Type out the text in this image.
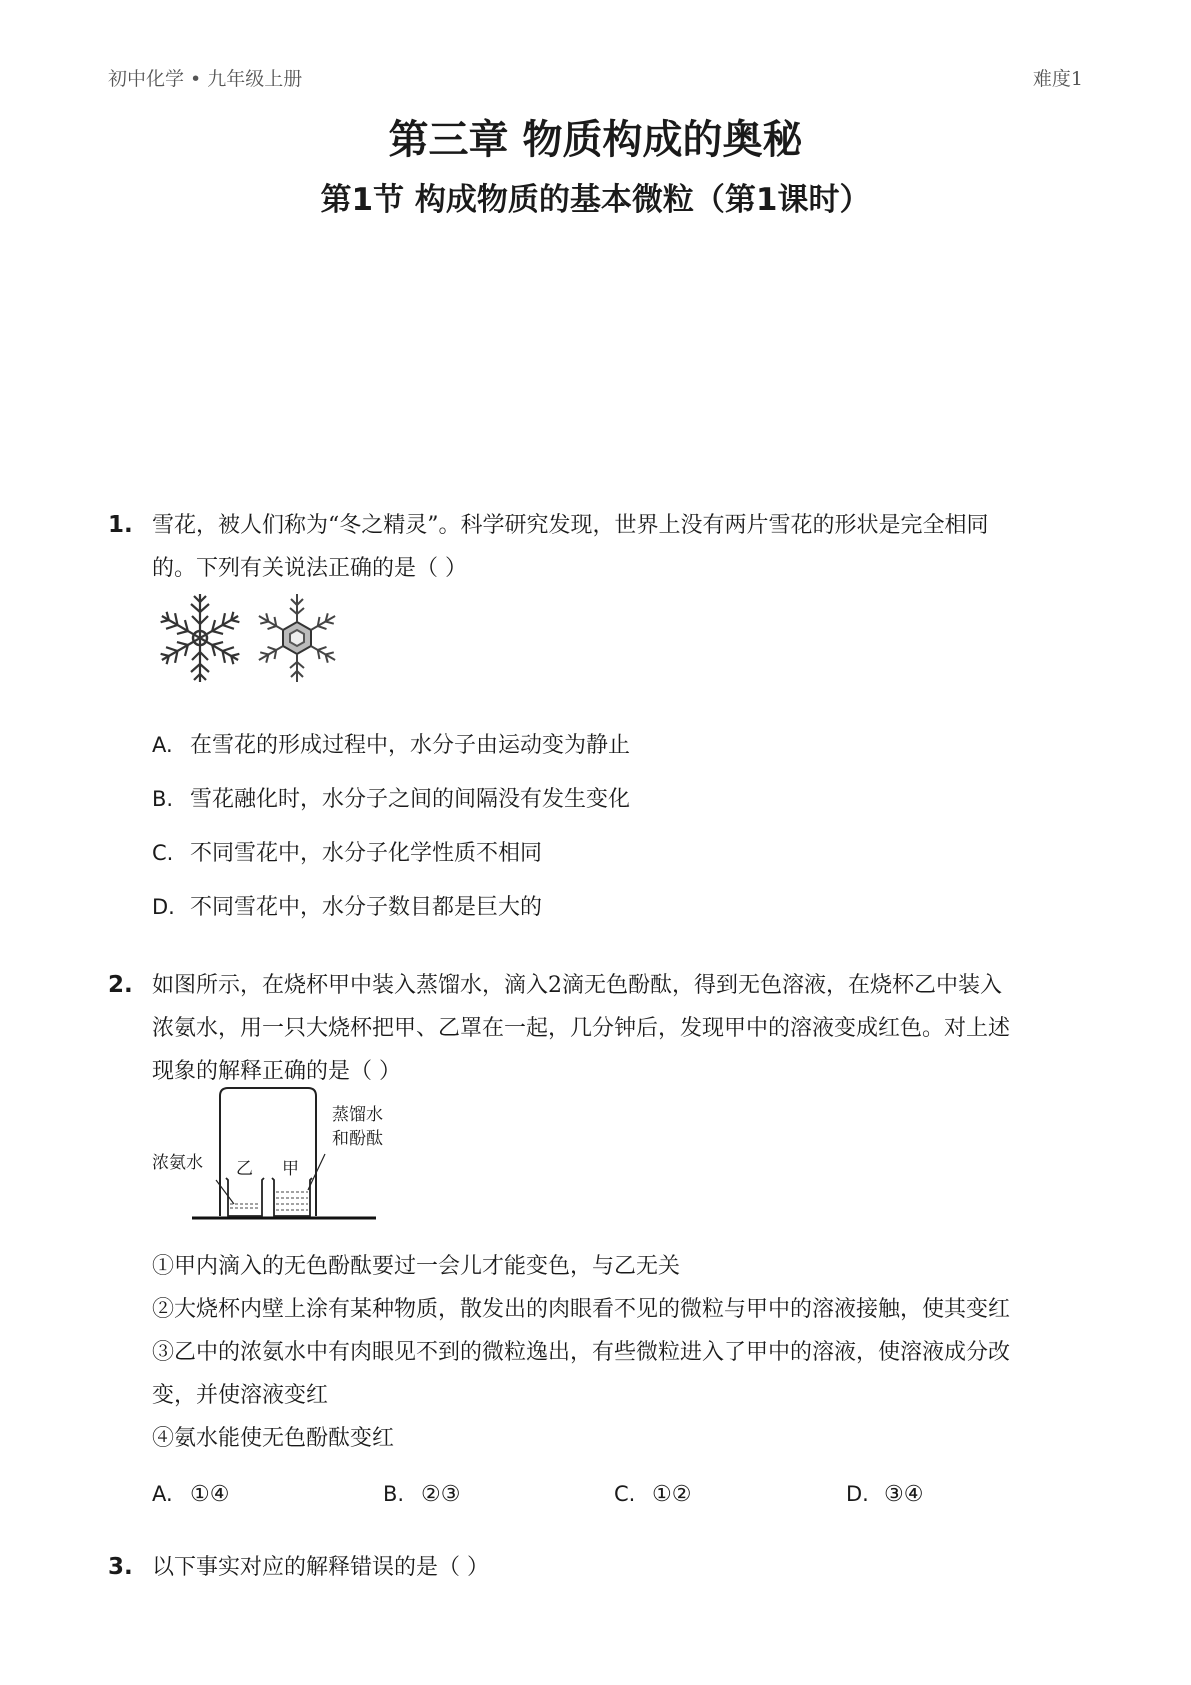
初中化学 • 九年级上册	难度1
第三章 物质构成的奥秘
第1节 构成物质的基本微粒（第1课时）
1. 雪花，被人们称为“冬之精灵”。科学研究发现，世界上没有两片雪花的形状是完全相同
的。下列有关说法正确的是（ ）
A. 在雪花的形成过程中，水分子由运动变为静止
B. 雪花融化时，水分子之间的间隔没有发生变化
C. 不同雪花中，水分子化学性质不相同
D. 不同雪花中，水分子数目都是巨大的
2. 如图所示，在烧杯甲中装入蒸馏水，滴入2滴无色酚酞，得到无色溶液，在烧杯乙中装入
浓氨水，用一只大烧杯把甲、乙罩在一起，几分钟后，发现甲中的溶液变成红色。对上述
现象的解释正确的是（ ）
浓氨水 乙 甲
蒸馏水
和酚酞
①甲内滴入的无色酚酞要过一会儿才能变色，与乙无关
②大烧杯内壁上涂有某种物质，散发出的肉眼看不见的微粒与甲中的溶液接触，使其变红
③乙中的浓氨水中有肉眼见不到的微粒逸出，有些微粒进入了甲中的溶液，使溶液成分改
变，并使溶液变红
④氨水能使无色酚酞变红
A. ①④	B. ②③	C. ①②	D. ③④
3. 以下事实对应的解释错误的是（ ）
